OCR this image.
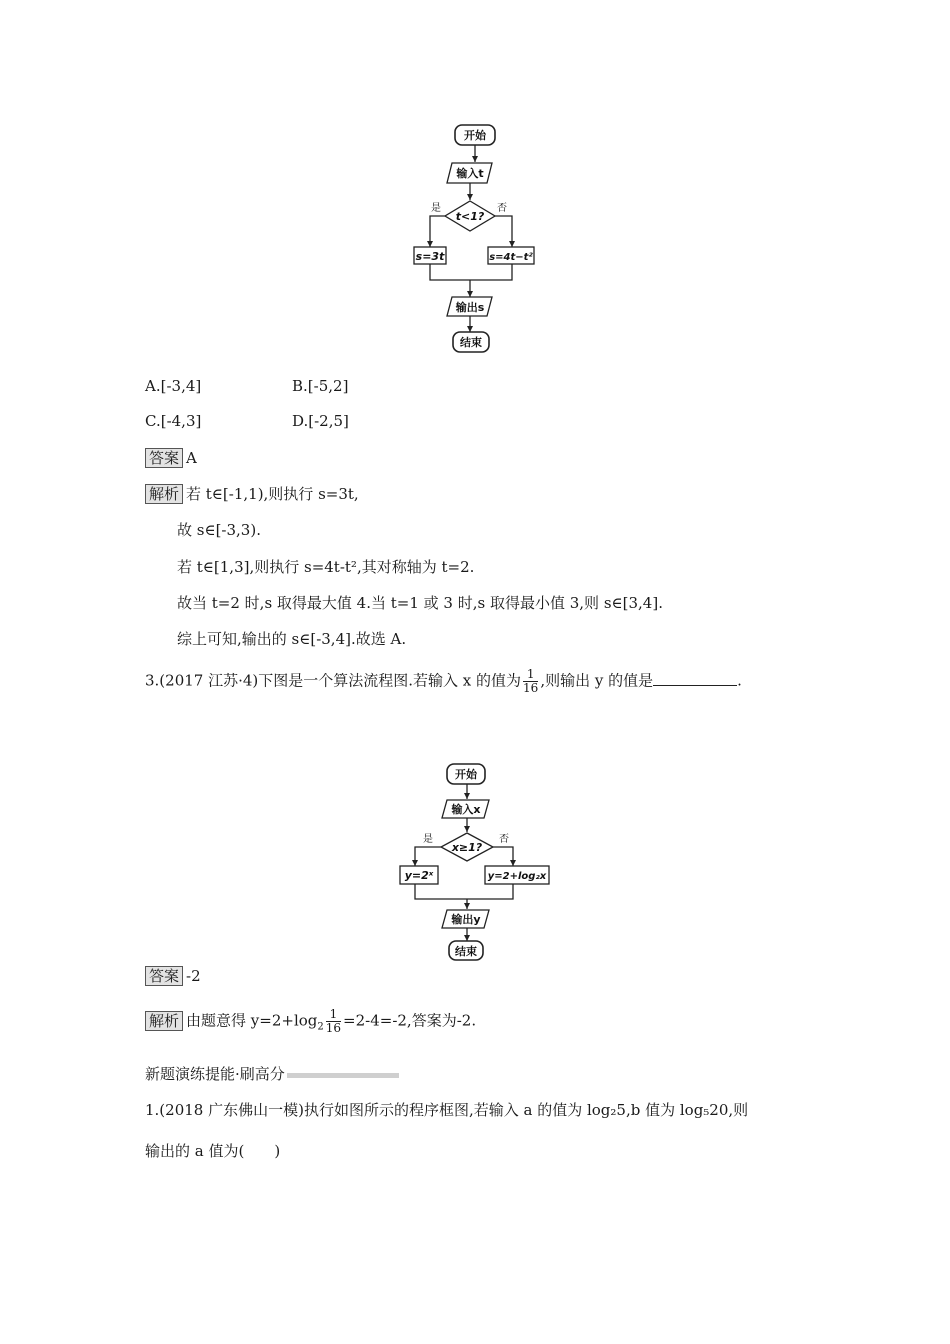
开始
输入t
t<1?
s=3t	s=4t−t²
输出s
结束
是	否
A.[-3,4]	B.[-5,2]
C.[-4,3]	D.[-2,5]
答案 A
解析 若 t∈[-1,1),则执行 s=3t,
故 s∈[-3,3).
若 t∈[1,3],则执行 s=4t-t²,其对称轴为 t=2.
故当 t=2 时,s 取得最大值 4.当 t=1 或 3 时,s 取得最小值 3,则 s∈[3,4].
综上可知,输出的 s∈[-3,4].故选 A.
3.(2017 江苏·4)下图是一个算法流程图.若输入 x 的值为 $\frac{1}{16}$ ,则输出 y 的值是	.
开始
输入x
x≥1?
y=2ˣ	y=2+log₂x
输出y
结束
是	否
答案 -2
解析 由题意得 $y=2+\log_2 \frac{1}{16} =2-4=-2$,答案为-2.
新题演练提能·刷高分
1.(2018 广东佛山一模)执行如图所示的程序框图,若输入 a 的值为 log₂5,b 值为 log₅20,则
输出的 a 值为(　　)
